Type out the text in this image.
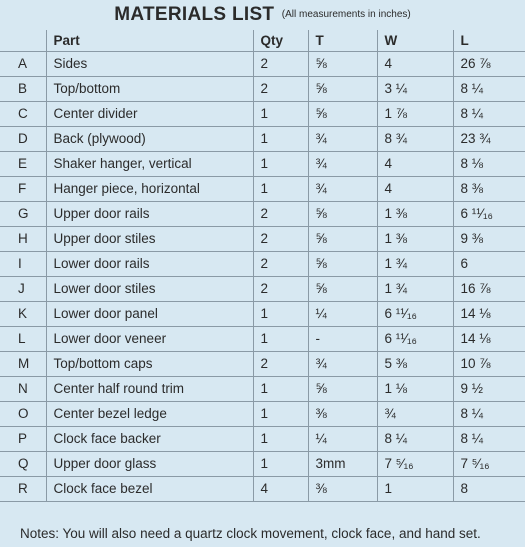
MATERIALS LIST (All measurements in inches)
	Part	Qty	T	W	L
A	Sides	2	⅝	4	26 ⅞
B	Top/bottom	2	⅝	3 ¼	8 ¼
C	Center divider	1	⅝	1 ⅞	8 ¼
D	Back (plywood)	1	¾	8 ¾	23 ¾
E	Shaker hanger, vertical	1	¾	4	8 ⅛
F	Hanger piece, horizontal	1	¾	4	8 ⅜
G	Upper door rails	2	⅝	1 ⅜	6 ¹¹⁄₁₆
H	Upper door stiles	2	⅝	1 ⅜	9 ⅜
I	Lower door rails	2	⅝	1 ¾	6
J	Lower door stiles	2	⅝	1 ¾	16 ⅞
K	Lower door panel	1	¼	6 ¹¹⁄₁₆	14 ⅛
L	Lower door veneer	1	-	6 ¹¹⁄₁₆	14 ⅛
M	Top/bottom caps	2	¾	5 ⅜	10 ⅞
N	Center half round trim	1	⅝	1 ⅛	9 ½
O	Center bezel ledge	1	⅜	¾	8 ¼
P	Clock face backer	1	¼	8 ¼	8 ¼
Q	Upper door glass	1	3mm	7 ⁵⁄₁₆	7 ⁵⁄₁₆
R	Clock face bezel	4	⅜	1	8
Notes: You will also need a quartz clock movement, clock face, and hand set.
